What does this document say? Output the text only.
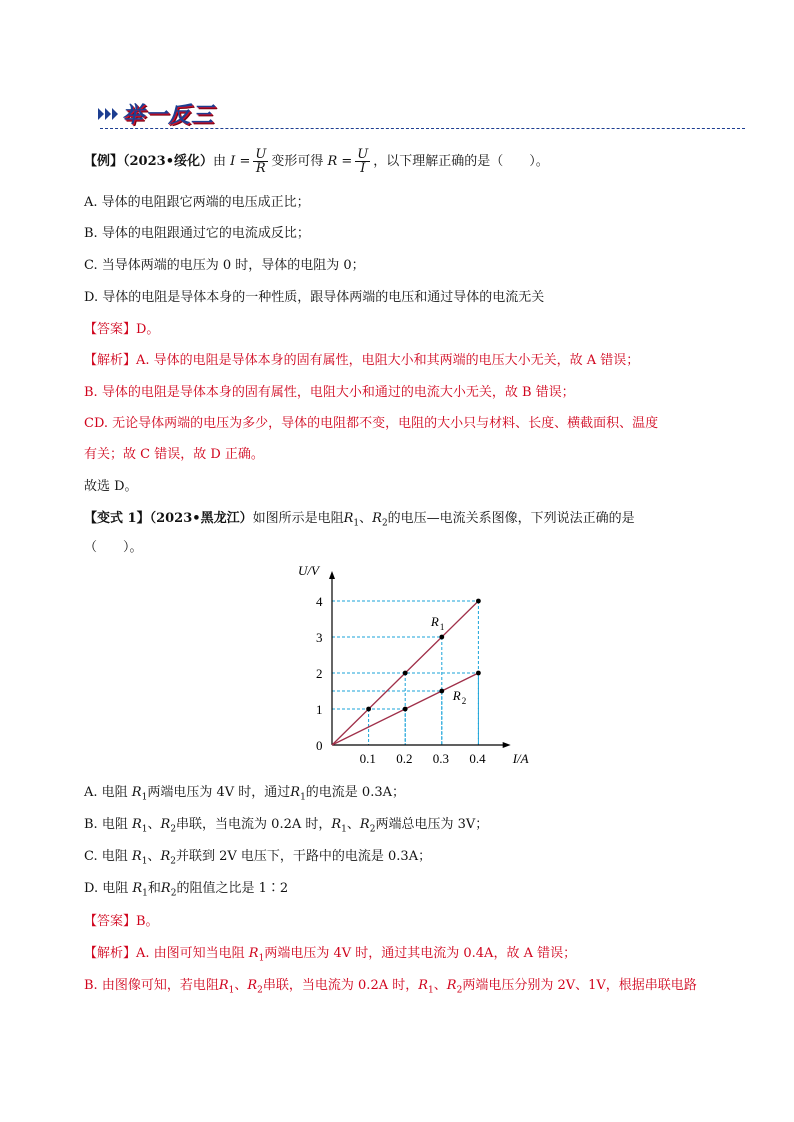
举一反三
【例】（2023•绥化）由 $I = \frac{U}{R}$ 变形可得 $R = \frac{U}{I}$ ，以下理解正确的是（　　）。
A. 导体的电阻跟它两端的电压成正比；
B. 导体的电阻跟通过它的电流成反比；
C. 当导体两端的电压为 0 时，导体的电阻为 0；
D. 导体的电阻是导体本身的一种性质，跟导体两端的电压和通过导体的电流无关
【答案】D。
【解析】A. 导体的电阻是导体本身的固有属性，电阻大小和其两端的电压大小无关，故 A 错误；
B. 导体的电阻是导体本身的固有属性，电阻大小和通过的电流大小无关，故 B 错误；
CD. 无论导体两端的电压为多少，导体的电阻都不变，电阻的大小只与材料、长度、横截面积、温度
有关；故 C 错误，故 D 正确。
故选 D。
【变式 1】（2023•黑龙江）如图所示是电阻$R_1$、$R_2$的电压—电流关系图像，下列说法正确的是
（　　）。
0.1 0.2 0.3 0.4
1
2
3
4
0
I/A
U/V
R 1
R 2
A. 电阻 $R_1$两端电压为 4V 时，通过$R_1$的电流是 0.3A；
B. 电阻 $R_1$、$R_2$串联，当电流为 0.2A 时，$R_1$、$R_2$两端总电压为 3V；
C. 电阻 $R_1$、$R_2$并联到 2V 电压下，干路中的电流是 0.3A；
D. 电阻 $R_1$和$R_2$的阻值之比是 1∶2
【答案】B。
【解析】A. 由图可知当电阻 $R_1$两端电压为 4V 时，通过其电流为 0.4A，故 A 错误；
B. 由图像可知，若电阻$R_1$、$R_2$串联，当电流为 0.2A 时，$R_1$、$R_2$两端电压分别为 2V、1V，根据串联电路
